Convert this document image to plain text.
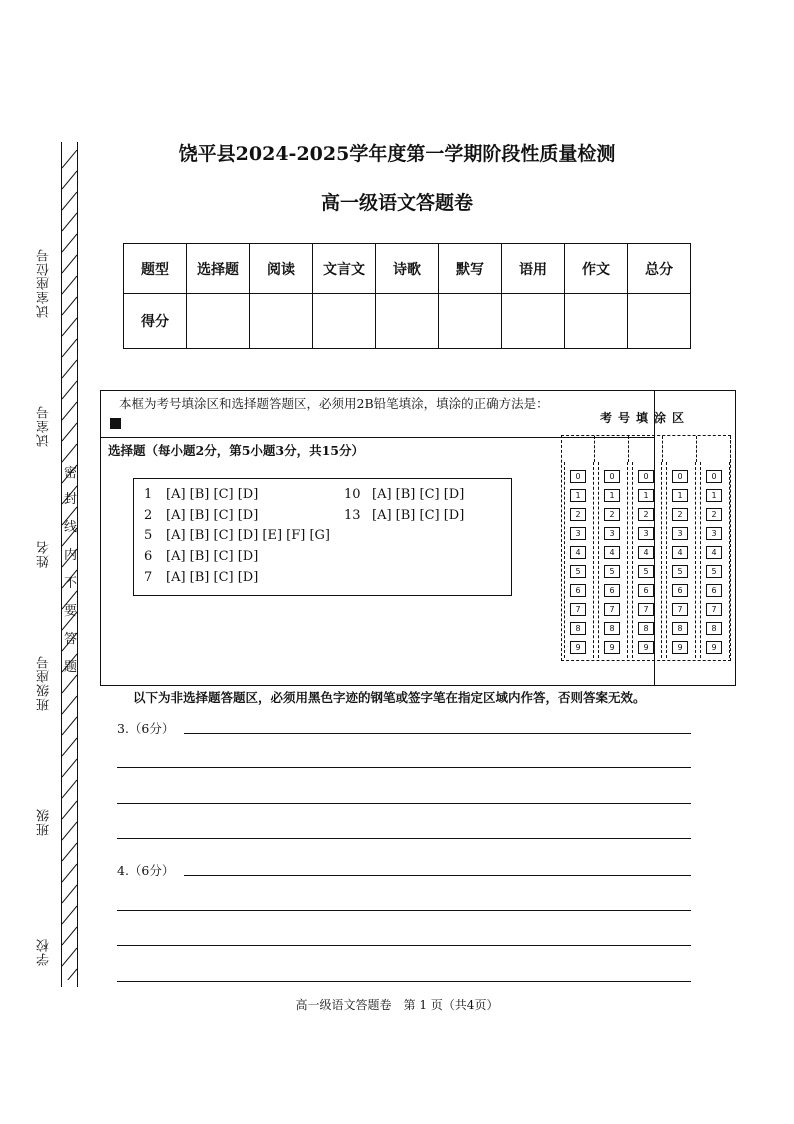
试室座位号
试室号
姓名
班级座号
班级
学校
密
封
线
内
不
要
答
题
饶平县2024-2025学年度第一学期阶段性质量检测
高一级语文答题卷
题型	选择题	阅读	文言文	诗歌	默写	语用	作文	总分
得分								
本框为考号填涂区和选择题答题区，必须用2B铅笔填涂，填涂的正确方法是：
选择题（每小题2分，第5小题3分，共15分）
1 [A] [B] [C] [D]
2 [A] [B] [C] [D]
5 [A] [B] [C] [D] [E] [F] [G]
6 [A] [B] [C] [D]
7 [A] [B] [C] [D]
10 [A] [B] [C] [D]
13 [A] [B] [C] [D]
考号填涂区
0
1
2
3
4
5
6
7
8
9
0
1
2
3
4
5
6
7
8
9
0
1
2
3
4
5
6
7
8
9
0
1
2
3
4
5
6
7
8
9
0
1
2
3
4
5
6
7
8
9
以下为非选择题答题区，必须用黑色字迹的钢笔或签字笔在指定区域内作答，否则答案无效。
3.（6分）
4.（6分）
高一级语文答题卷　第 1 页（共4页）
